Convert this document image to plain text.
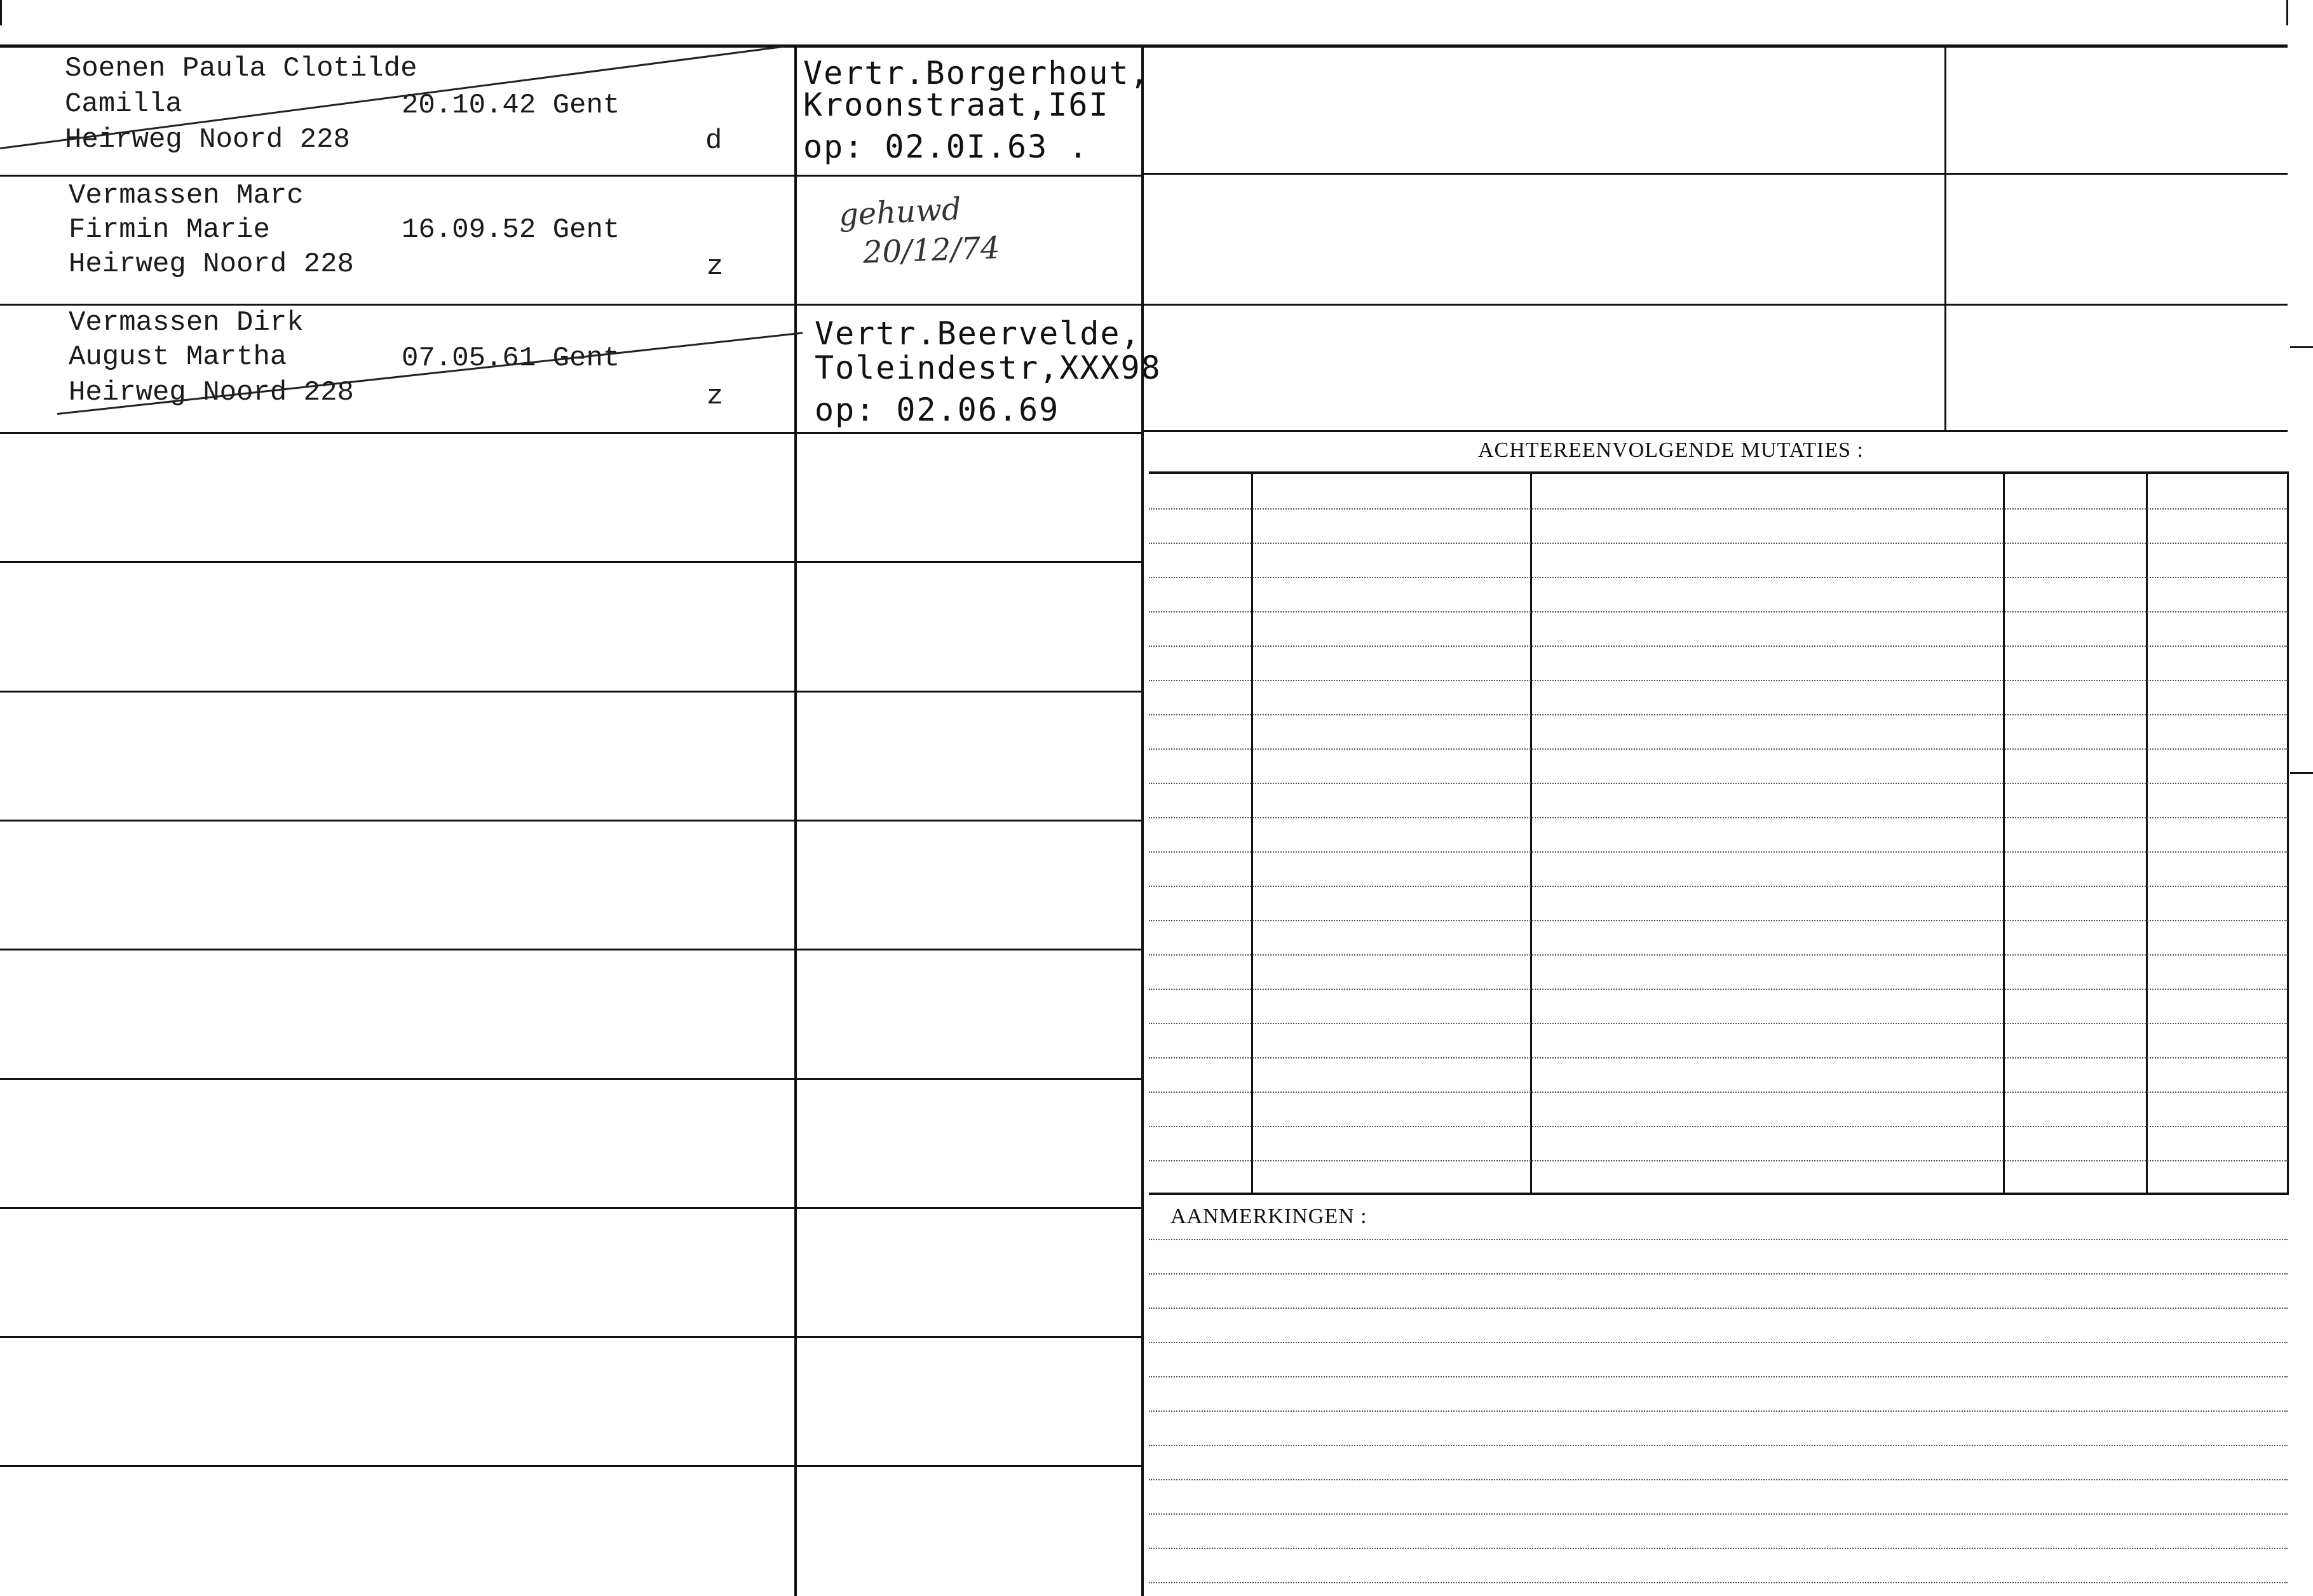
ACHTEREENVOLGENDE MUTATIES :
AANMERKINGEN :
Soenen Paula Clotilde
Camilla
Heirweg Noord 228
20.10.42 Gent
d
Vertr.Borgerhout,
Kroonstraat,I6I
op: 02.0I.63 .
Vermassen Marc
Firmin Marie
Heirweg Noord 228
16.09.52 Gent
z
gehuwd
20/12/74
Vermassen Dirk
August Martha
Heirweg Noord 228
07.05.61 Gent
z
Vertr.Beervelde,
Toleindestr,XXX98
op: 02.06.69
